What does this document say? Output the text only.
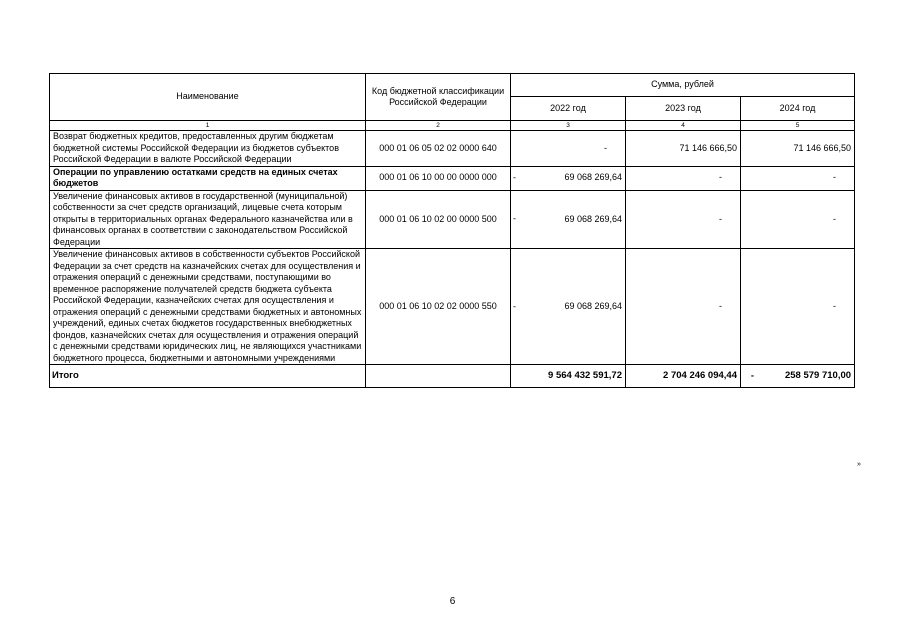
Наименование	Код бюджетной классификации Российской Федерации	Сумма, рублей		
		2022 год	2023 год	2024 год
1	2	3	4	5
Возврат бюджетных кредитов, предоставленных другим бюджетам бюджетной системы Российской Федерации из бюджетов субъектов Российской Федерации в валюте Российской Федерации	000 01 06 05 02 02 0000 640	-	71 146 666,50	71 146 666,50
Операции по управлению остатками средств на единых счетах бюджетов	000 01 06 10 00 00 0000 000	- 69 068 269,64	-	-
Увеличение финансовых активов в государственной (муниципальной) собственности за счет средств организаций, лицевые счета которым открыты в территориальных органах Федерального казначейства или в финансовых органах в соответствии с законодательством Российской Федерации	000 01 06 10 02 00 0000 500	- 69 068 269,64	-	-
Увеличение финансовых активов в собственности субъектов Российской Федерации за счет средств на казначейских счетах для осуществления и отражения операций с денежными средствами, поступающими во временное распоряжение получателей средств бюджета субъекта Российской Федерации, казначейских счетах для осуществления и отражения операций с денежными средствами бюджетных и автономных учреждений, единых счетах бюджетов государственных внебюджетных фондов, казначейских счетах для осуществления и отражения операций с денежными средствами юридических лиц, не являющихся участниками бюджетного процесса, бюджетными и автономными учреждениями	000 01 06 10 02 02 0000 550	- 69 068 269,64	-	-
Итого		9 564 432 591,72	2 704 246 094,44	- 258 579 710,00
»
6
